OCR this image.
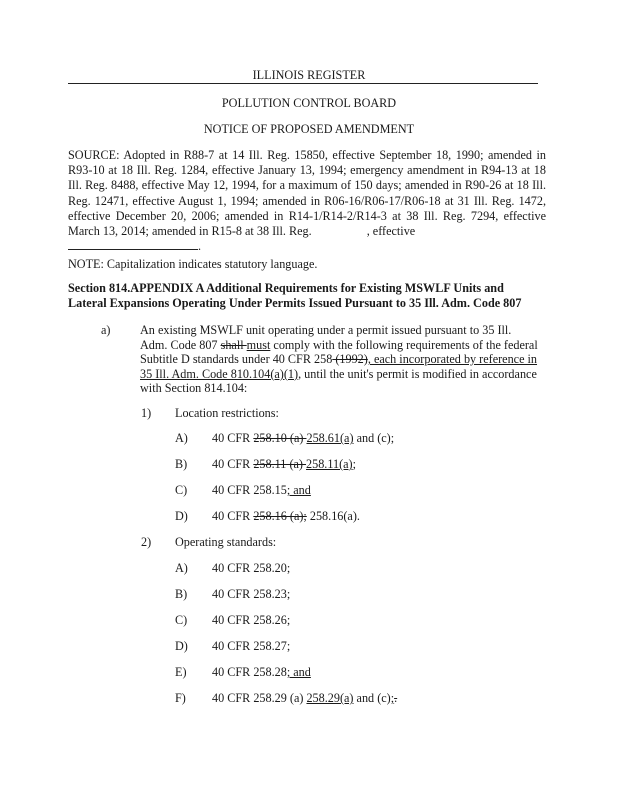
ILLINOIS REGISTER
POLLUTION CONTROL BOARD
NOTICE OF PROPOSED AMENDMENT
SOURCE: Adopted in R88-7 at 14 Ill. Reg. 15850, effective September 18, 1990; amended in R93-10 at 18 Ill. Reg. 1284, effective January 13, 1994; emergency amendment in R94-13 at 18 Ill. Reg. 8488, effective May 12, 1994, for a maximum of 150 days; amended in R90-26 at 18 Ill. Reg. 12471, effective August 1, 1994; amended in R06-16/R06-17/R06-18 at 31 Ill. Reg. 1472, effective December 20, 2006; amended in R14-1/R14-2/R14-3 at 38 Ill. Reg. 7294, effective March 13, 2014; amended in R15-8 at 38 Ill. Reg.	, effective
.
NOTE: Capitalization indicates statutory language.
Section 814.APPENDIX A Additional Requirements for Existing MSWLF Units and
Lateral Expansions Operating Under Permits Issued Pursuant to 35 Ill. Adm. Code 807
a) An existing MSWLF unit operating under a permit issued pursuant to 35 Ill. Adm. Code 807 shall must comply with the following requirements of the federal Subtitle D standards under 40 CFR 258 (1992), each incorporated by reference in 35 Ill. Adm. Code 810.104(a)(1), until the unit's permit is modified in accordance with Section 814.104:
1) Location restrictions:
A) 40 CFR 258.10 (a) 258.61(a) and (c);
B) 40 CFR 258.11 (a) 258.11(a);
C) 40 CFR 258.15; and
D) 40 CFR 258.16 (a); 258.16(a).
2) Operating standards:
A) 40 CFR 258.20;
B) 40 CFR 258.23;
C) 40 CFR 258.26;
D) 40 CFR 258.27;
E) 40 CFR 258.28; and
F) 40 CFR 258.29 (a) 258.29(a) and (c);.
